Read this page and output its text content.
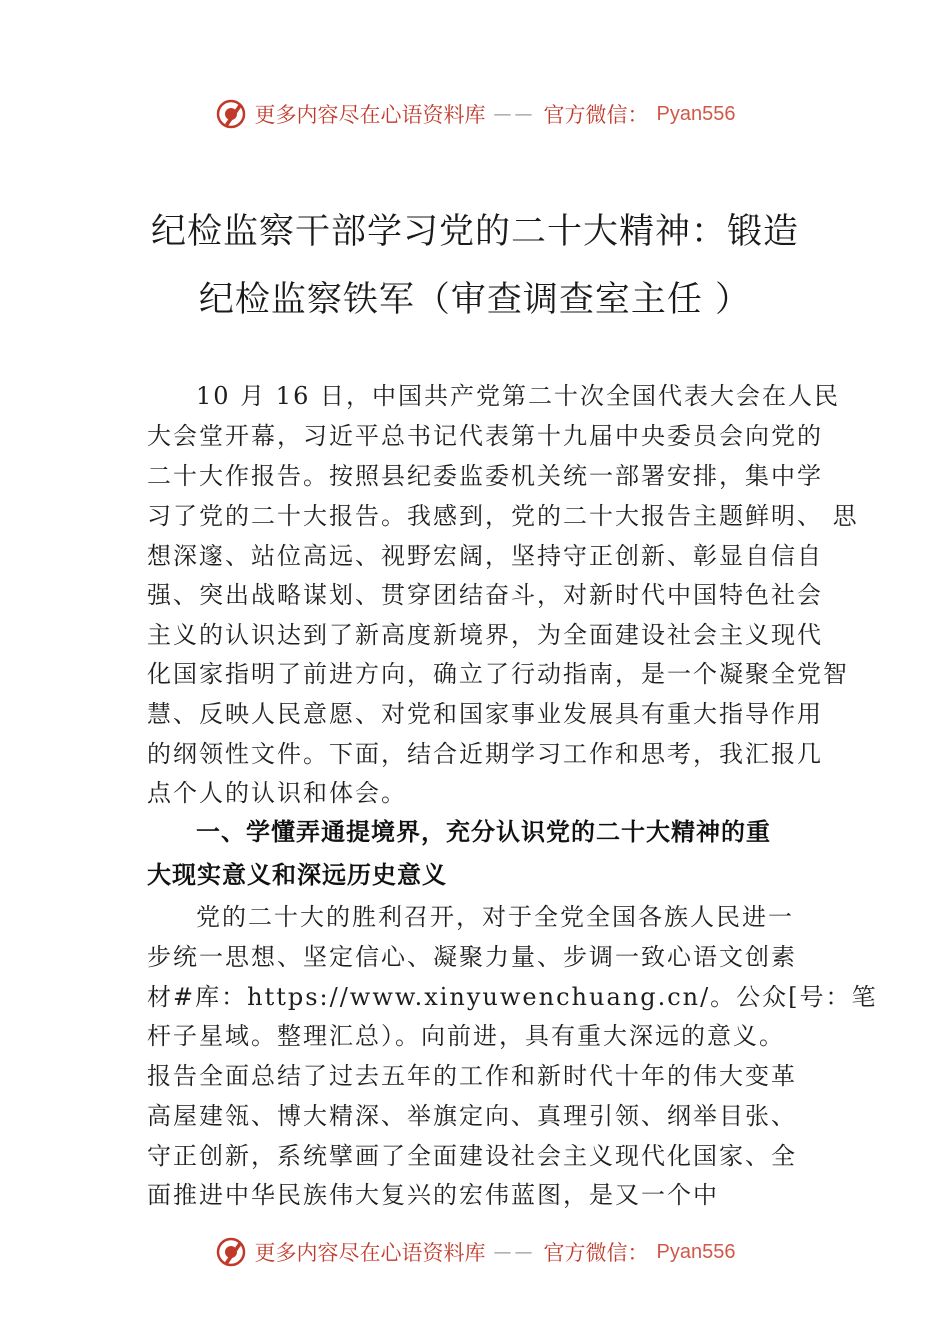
更多内容尽在心语资料库 —— 官方微信： Pyan556
纪检监察干部学习党的二十大精神：锻造
纪检监察铁军（审查调查室主任 ）
10 月 16 日，中国共产党第二十次全国代表大会在人民
大会堂开幕，习近平总书记代表第十九届中央委员会向党的
二十大作报告。按照县纪委监委机关统一部署安排，集中学
习了党的二十大报告。我感到，党的二十大报告主题鲜明、 思
想深邃、站位高远、视野宏阔，坚持守正创新、彰显自信自
强、突出战略谋划、贯穿团结奋斗，对新时代中国特色社会
主义的认识达到了新高度新境界，为全面建设社会主义现代
化国家指明了前进方向，确立了行动指南，是一个凝聚全党智
慧、反映人民意愿、对党和国家事业发展具有重大指导作用
的纲领性文件。下面，结合近期学习工作和思考，我汇报几
点个人的认识和体会。
一、学懂弄通提境界，充分认识党的二十大精神的重
大现实意义和深远历史意义
党的二十大的胜利召开，对于全党全国各族人民进一
步统一思想、坚定信心、凝聚力量、步调一致心语文创素
材#库：https://www.xinyuwenchuang.cn/。公众[号：笔
杆子星域。整理汇总）。向前进，具有重大深远的意义。
报告全面总结了过去五年的工作和新时代十年的伟大变革
高屋建瓴、博大精深、举旗定向、真理引领、纲举目张、
守正创新，系统擘画了全面建设社会主义现代化国家、全
面推进中华民族伟大复兴的宏伟蓝图，是又一个中
更多内容尽在心语资料库 —— 官方微信： Pyan556
